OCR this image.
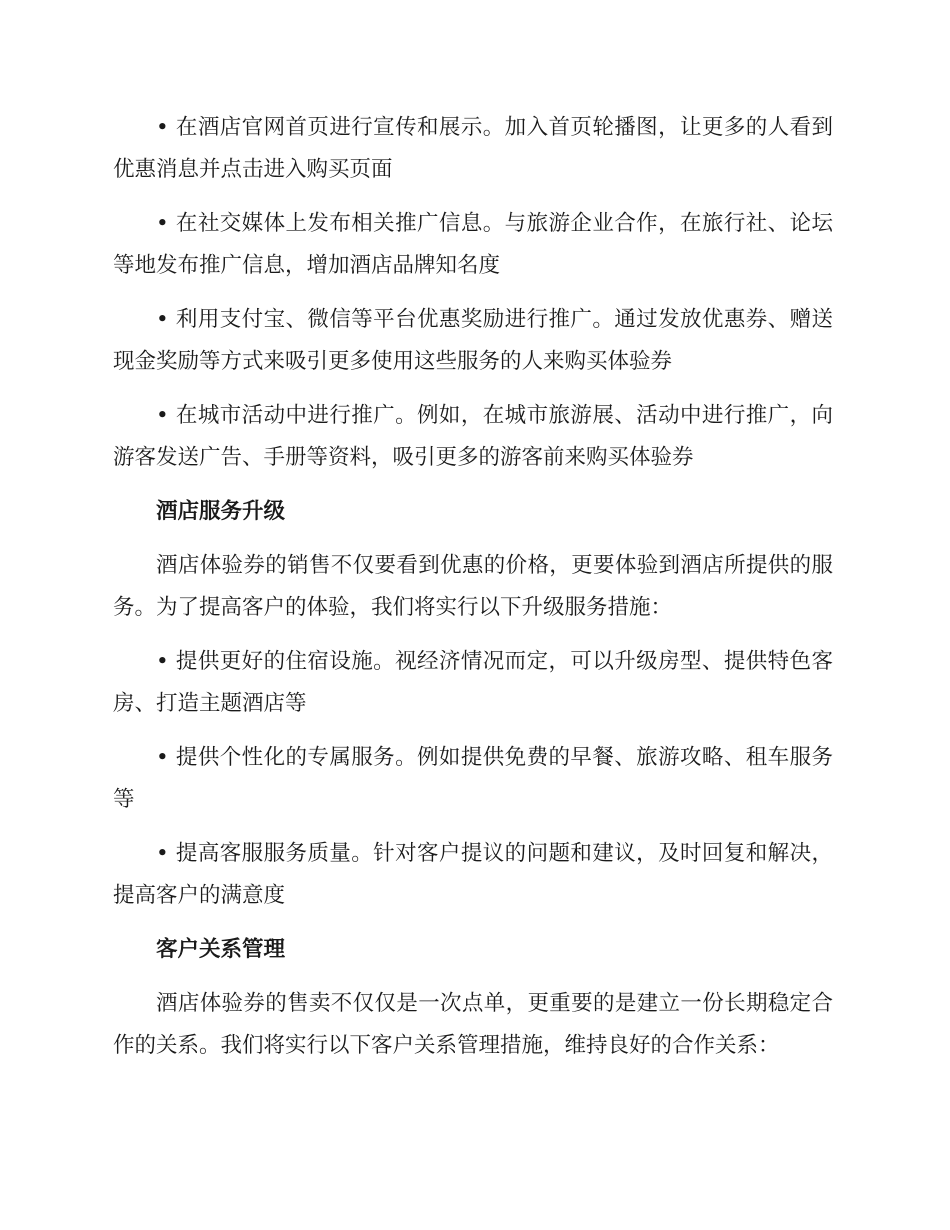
• 在酒店官网首页进行宣传和展示。加入首页轮播图，让更多的人看到优惠消息并点击进入购买页面

• 在社交媒体上发布相关推广信息。与旅游企业合作，在旅行社、论坛等地发布推广信息，增加酒店品牌知名度

• 利用支付宝、微信等平台优惠奖励进行推广。通过发放优惠券、赠送现金奖励等方式来吸引更多使用这些服务的人来购买体验券

• 在城市活动中进行推广。例如，在城市旅游展、活动中进行推广，向游客发送广告、手册等资料，吸引更多的游客前来购买体验券

酒店服务升级

酒店体验券的销售不仅要看到优惠的价格，更要体验到酒店所提供的服务。为了提高客户的体验，我们将实行以下升级服务措施：

• 提供更好的住宿设施。视经济情况而定，可以升级房型、提供特色客房、打造主题酒店等

• 提供个性化的专属服务。例如提供免费的早餐、旅游攻略、租车服务等

• 提高客服服务质量。针对客户提议的问题和建议，及时回复和解决，提高客户的满意度

客户关系管理

酒店体验券的售卖不仅仅是一次点单，更重要的是建立一份长期稳定合作的关系。我们将实行以下客户关系管理措施，维持良好的合作关系：
